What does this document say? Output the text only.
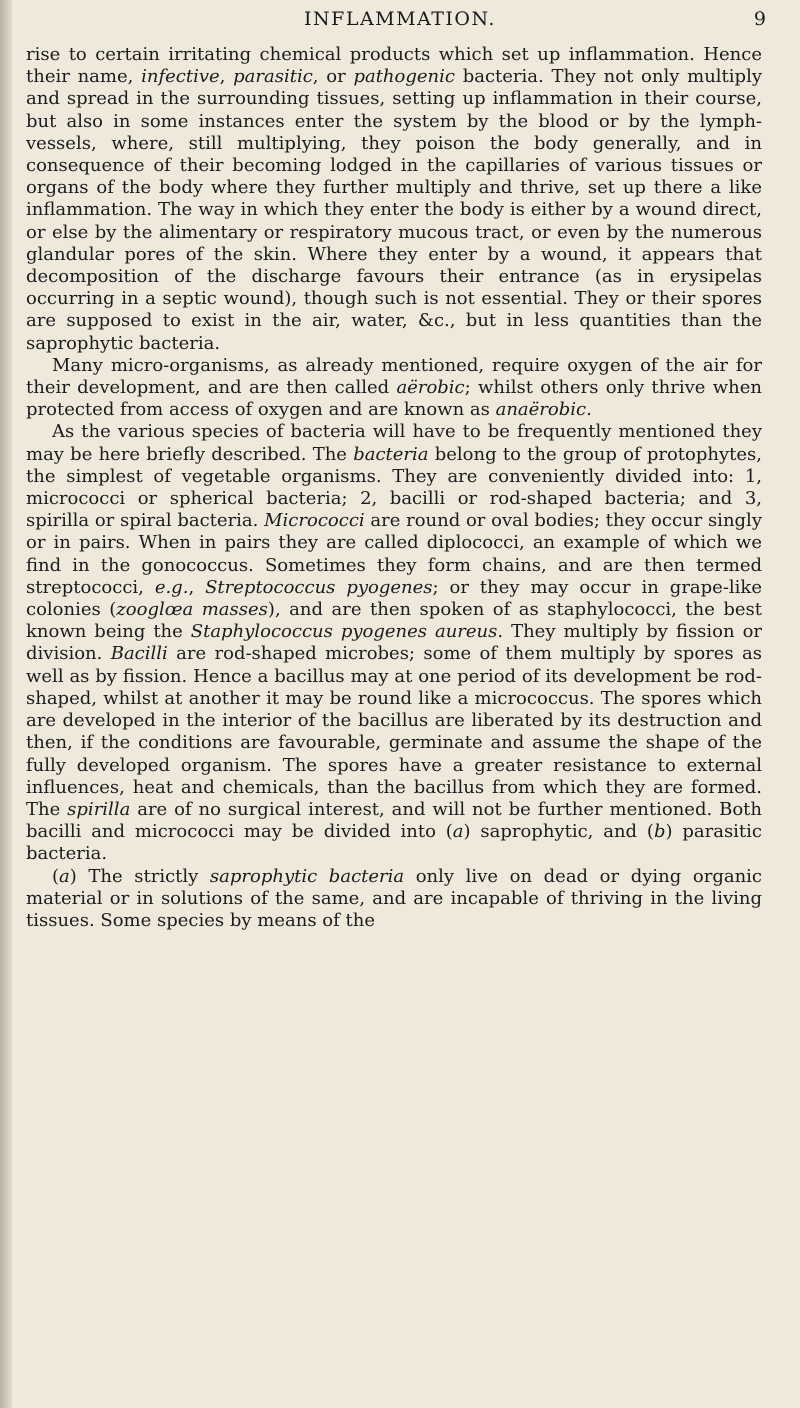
INFLAMMATION.	9

rise to certain irritating chemical products which set up inflammation. Hence their name, infective, parasitic, or pathogenic bacteria. They not only multiply and spread in the surrounding tissues, setting up inflammation in their course, but also in some instances enter the system by the blood or by the lymph-vessels, where, still multiplying, they poison the body generally, and in consequence of their becoming lodged in the capillaries of various tissues or organs of the body where they further multiply and thrive, set up there a like inflammation. The way in which they enter the body is either by a wound direct, or else by the alimentary or respiratory mucous tract, or even by the numerous glandular pores of the skin. Where they enter by a wound, it appears that decomposition of the discharge favours their entrance (as in erysipelas occurring in a septic wound), though such is not essential. They or their spores are supposed to exist in the air, water, &c., but in less quantities than the saprophytic bacteria.

Many micro-organisms, as already mentioned, require oxygen of the air for their development, and are then called aërobic; whilst others only thrive when protected from access of oxygen and are known as anaërobic.

As the various species of bacteria will have to be frequently mentioned they may be here briefly described. The bacteria belong to the group of protophytes, the simplest of vegetable organisms. They are conveniently divided into: 1, micrococci or spherical bacteria; 2, bacilli or rod-shaped bacteria; and 3, spirilla or spiral bacteria. Micrococci are round or oval bodies; they occur singly or in pairs. When in pairs they are called diplococci, an example of which we find in the gonococcus. Sometimes they form chains, and are then termed streptococci, e.g., Streptococcus pyogenes; or they may occur in grape-like colonies (zooglœa masses), and are then spoken of as staphylococci, the best known being the Staphylococcus pyogenes aureus. They multiply by fission or division. Bacilli are rod-shaped microbes; some of them multiply by spores as well as by fission. Hence a bacillus may at one period of its development be rod-shaped, whilst at another it may be round like a micrococcus. The spores which are developed in the interior of the bacillus are liberated by its destruction and then, if the conditions are favourable, germinate and assume the shape of the fully developed organism. The spores have a greater resistance to external influences, heat and chemicals, than the bacillus from which they are formed. The spirilla are of no surgical interest, and will not be further mentioned. Both bacilli and micrococci may be divided into (a) saprophytic, and (b) parasitic bacteria.

(a) The strictly saprophytic bacteria only live on dead or dying organic material or in solutions of the same, and are incapable of thriving in the living tissues. Some species by means of the
